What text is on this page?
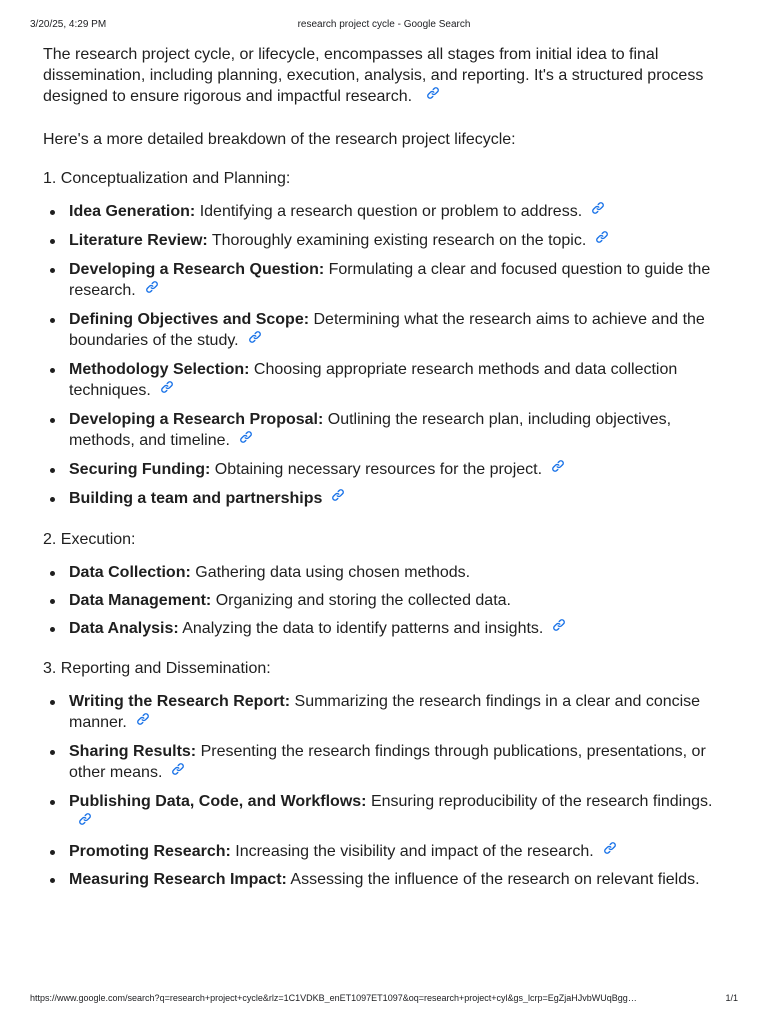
3/20/25, 4:29 PM	research project cycle - Google Search

The research project cycle, or lifecycle, encompasses all stages from initial idea to final dissemination, including planning, execution, analysis, and reporting. It's a structured process designed to ensure rigorous and impactful research.

Here's a more detailed breakdown of the research project lifecycle:

1. Conceptualization and Planning:

Idea Generation: Identifying a research question or problem to address.
Literature Review: Thoroughly examining existing research on the topic.
Developing a Research Question: Formulating a clear and focused question to guide the research.
Defining Objectives and Scope: Determining what the research aims to achieve and the boundaries of the study.
Methodology Selection: Choosing appropriate research methods and data collection techniques.
Developing a Research Proposal: Outlining the research plan, including objectives, methods, and timeline.
Securing Funding: Obtaining necessary resources for the project.
Building a team and partnerships

2. Execution:

Data Collection: Gathering data using chosen methods.
Data Management: Organizing and storing the collected data.
Data Analysis: Analyzing the data to identify patterns and insights.

3. Reporting and Dissemination:

Writing the Research Report: Summarizing the research findings in a clear and concise manner.
Sharing Results: Presenting the research findings through publications, presentations, or other means.
Publishing Data, Code, and Workflows: Ensuring reproducibility of the research findings.
Promoting Research: Increasing the visibility and impact of the research.
Measuring Research Impact: Assessing the influence of the research on relevant fields.
https://www.google.com/search?q=research+project+cycle&rlz=1C1VDKB_enET1097ET1097&oq=research+project+cyl&gs_lcrp=EgZjaHJvbWUqBgg…	1/1
